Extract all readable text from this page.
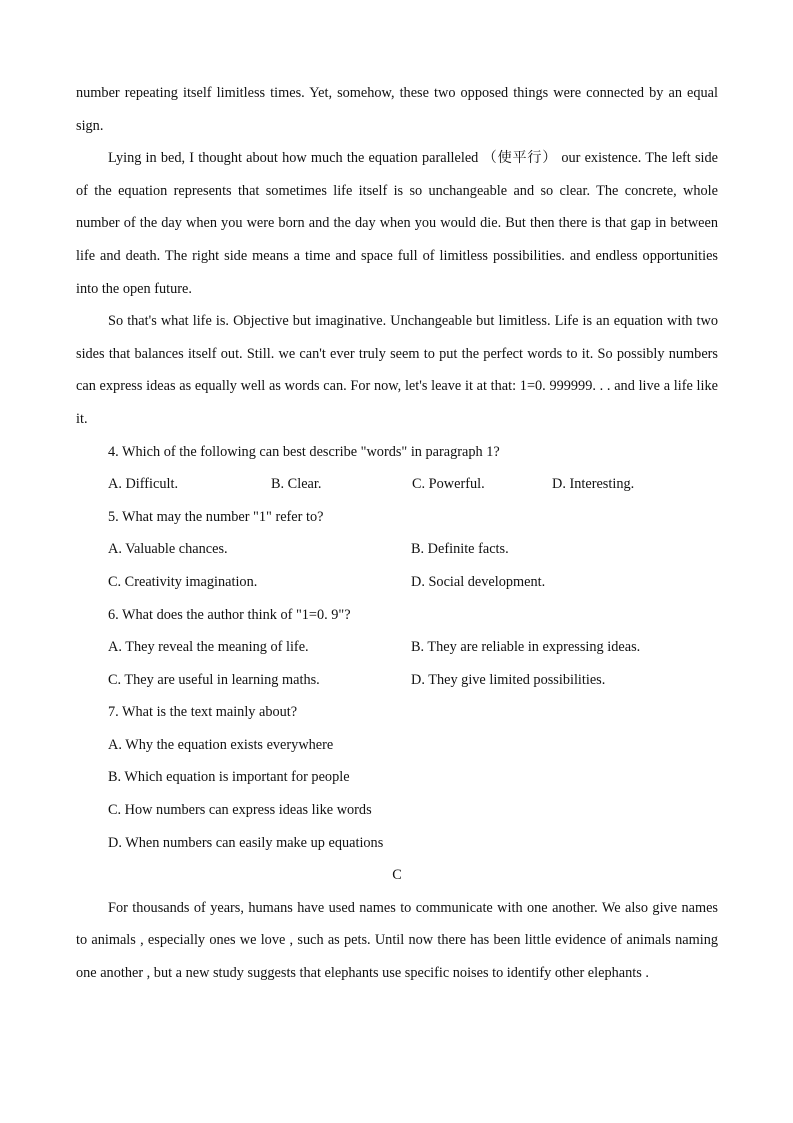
number repeating itself limitless times. Yet, somehow, these two opposed things were connected by an equal sign.

Lying in bed, I thought about how much the equation paralleled （使平行） our existence. The left side of the equation represents that sometimes life itself is so unchangeable and so clear. The concrete, whole number of the day when you were born and the day when you would die. But then there is that gap in between life and death. The right side means a time and space full of limitless possibilities. and endless opportunities into the open future.

So that's what life is. Objective but imaginative. Unchangeable but limitless. Life is an equation with two sides that balances itself out. Still. we can't ever truly seem to put the perfect words to it. So possibly numbers can express ideas as equally well as words can. For now, let's leave it at that: 1=0. 999999. . . and live a life like it.

4. Which of the following can best describe "words" in paragraph 1?

A. Difficult.	B. Clear.	C. Powerful.	D. Interesting.

5. What may the number "1" refer to?

A. Valuable chances.	B. Definite facts.
C. Creativity imagination.	D. Social development.

6. What does the author think of "1=0. 9"?

A. They reveal the meaning of life.	B. They are reliable in expressing ideas.
C. They are useful in learning maths.	D. They give limited possibilities.

7. What is the text mainly about?

A. Why the equation exists everywhere

B. Which equation is important for people

C. How numbers can express ideas like words

D. When numbers can easily make up equations

C

For thousands of years, humans have used names to communicate with one another. We also give names to animals , especially ones we love , such as pets. Until now there has been little evidence of animals naming one another , but a new study suggests that elephants use specific noises to identify other elephants .
